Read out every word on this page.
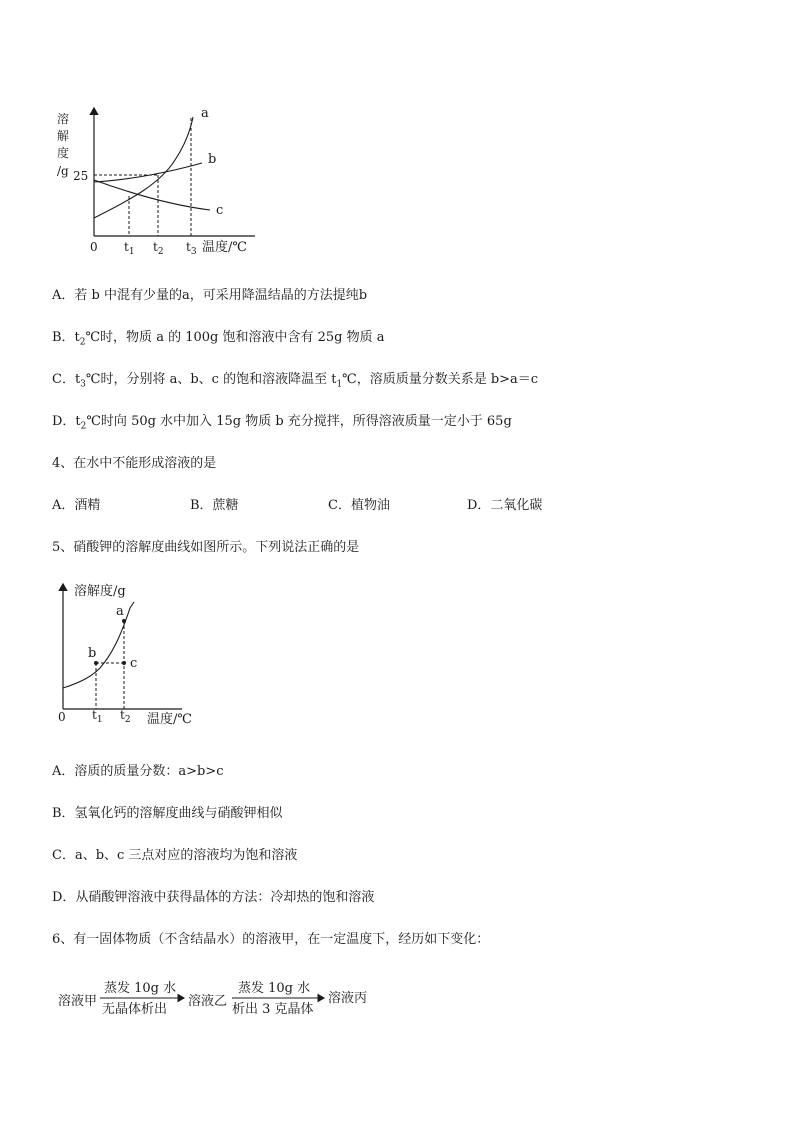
溶
解
度
/g 25
a
b
c
0 $t_1$ $t_2$ $t_3$ 温度/℃
A．若 b 中混有少量的a，可采用降温结晶的方法提纯b
B．$t_2℃$时，物质 a 的 100g 饱和溶液中含有 25g 物质 a
C．$t_3℃$时，分别将 a、b、c 的饱和溶液降温至 $t_1℃$，溶质质量分数关系是 b>a＝c
D．$t_2℃$时向 50g 水中加入 15g 物质 b 充分搅拌，所得溶液质量一定小于 65g
4、在水中不能形成溶液的是
A．酒精	B．蔗糖	C．植物油	D．二氧化碳
5、硝酸钾的溶解度曲线如图所示。下列说法正确的是
溶解度/g
a
b
c
0 $t_1$ $t_2$ 温度/℃
A．溶质的质量分数：a>b>c
B．氢氧化钙的溶解度曲线与硝酸钾相似
C．a、b、c 三点对应的溶液均为饱和溶液
D．从硝酸钾溶液中获得晶体的方法：冷却热的饱和溶液
6、有一固体物质（不含结晶水）的溶液甲，在一定温度下，经历如下变化：
溶液甲
蒸发 10g 水
无晶体析出
溶液乙
蒸发 10g 水
析出 3 克晶体
溶液丙
